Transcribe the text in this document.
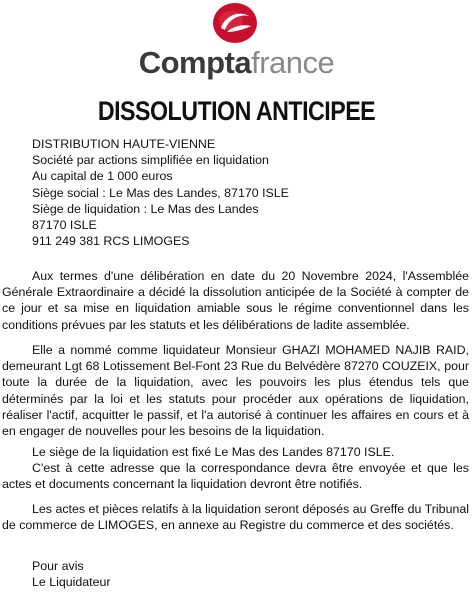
Comptafrance
DISSOLUTION ANTICIPEE
DISTRIBUTION HAUTE-VIENNE
Société par actions simplifiée en liquidation
Au capital de 1 000 euros
Siège social : Le Mas des Landes, 87170 ISLE
Siège de liquidation : Le Mas des Landes
87170 ISLE
911 249 381 RCS LIMOGES

Aux termes d'une délibération en date du 20 Novembre 2024, l'Assemblée Générale Extraordinaire a décidé la dissolution anticipée de la Société à compter de ce jour et sa mise en liquidation amiable sous le régime conventionnel dans les conditions prévues par les statuts et les délibérations de ladite assemblée.

Elle a nommé comme liquidateur Monsieur GHAZI MOHAMED NAJIB RAID, demeurant Lgt 68 Lotissement Bel-Font 23 Rue du Belvédère 87270 COUZEIX, pour toute la durée de la liquidation, avec les pouvoirs les plus étendus tels que déterminés par la loi et les statuts pour procéder aux opérations de liquidation, réaliser l'actif, acquitter le passif, et l'a autorisé à continuer les affaires en cours et à en engager de nouvelles pour les besoins de la liquidation.

Le siège de la liquidation est fixé Le Mas des Landes 87170 ISLE.

C'est à cette adresse que la correspondance devra être envoyée et que les actes et documents concernant la liquidation devront être notifiés.

Les actes et pièces relatifs à la liquidation seront déposés au Greffe du Tribunal de commerce de LIMOGES, en annexe au Registre du commerce et des sociétés.

Pour avis
Le Liquidateur
